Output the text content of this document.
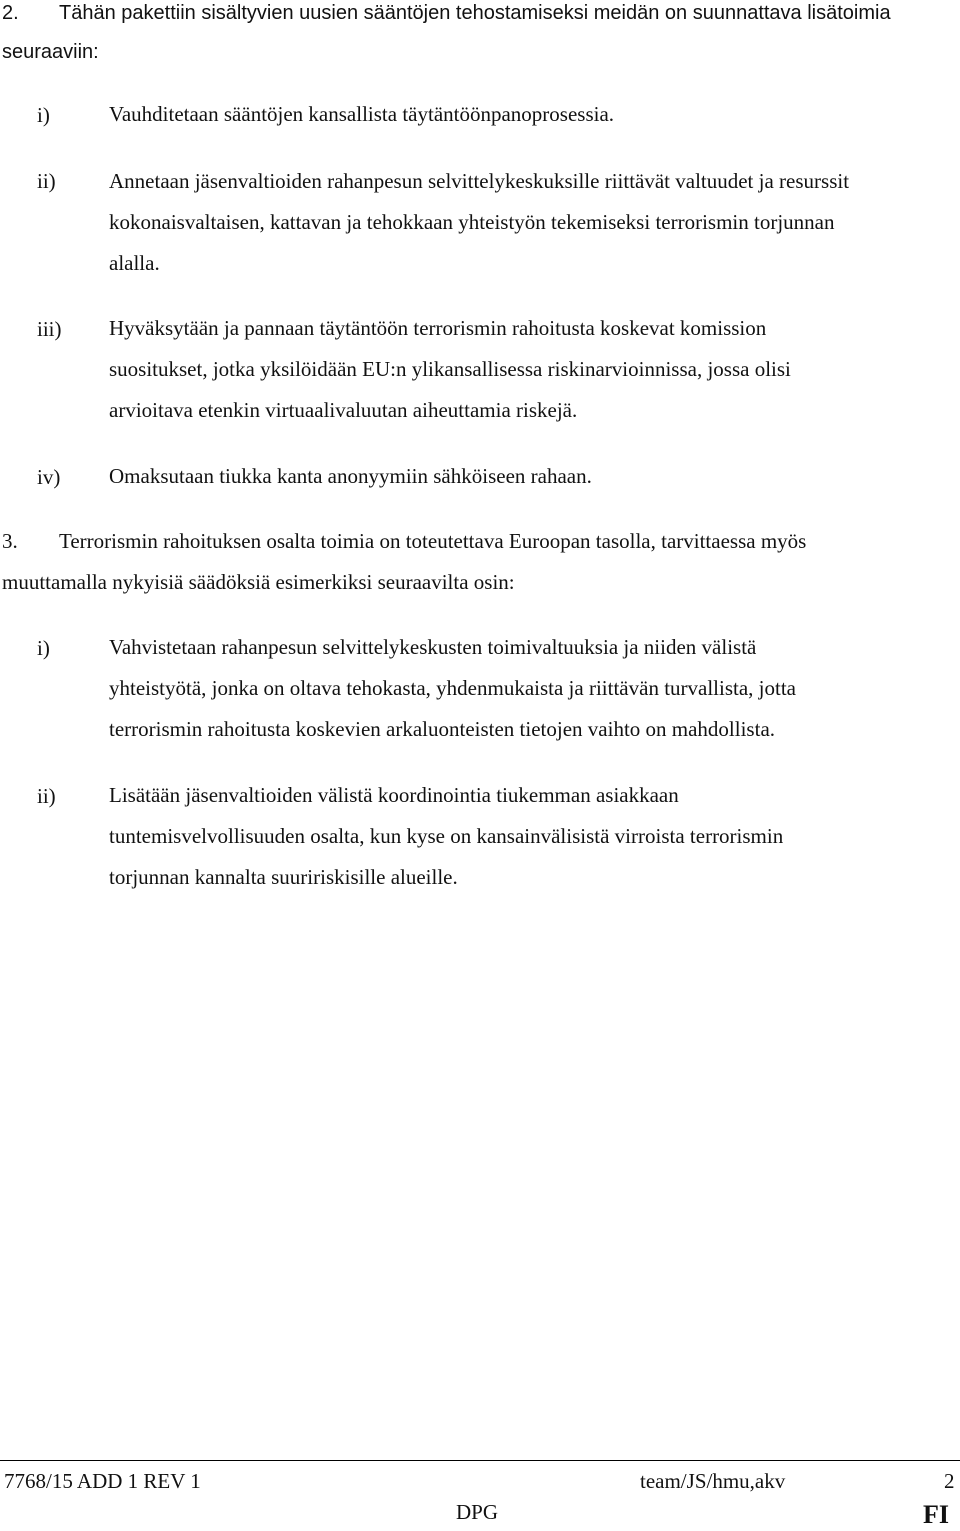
2. Tähän pakettiin sisältyvien uusien sääntöjen tehostamiseksi meidän on suunnattava lisätoimia
seuraaviin:
i)	Vauhditetaan sääntöjen kansallista täytäntöönpanoprosessia.
ii)	Annetaan jäsenvaltioiden rahanpesun selvittelykeskuksille riittävät valtuudet ja resurssit
kokonaisvaltaisen, kattavan ja tehokkaan yhteistyön tekemiseksi terrorismin torjunnan
alalla.
iii) Hyväksytään ja pannaan täytäntöön terrorismin rahoitusta koskevat komission
suositukset, jotka yksilöidään EU:n ylikansallisessa riskinarvioinnissa, jossa olisi
arvioitava etenkin virtuaalivaluutan aiheuttamia riskejä.
iv) Omaksutaan tiukka kanta anonyymiin sähköiseen rahaan.
3. Terrorismin rahoituksen osalta toimia on toteutettava Euroopan tasolla, tarvittaessa myös
muuttamalla nykyisiä säädöksiä esimerkiksi seuraavilta osin:
i)	Vahvistetaan rahanpesun selvittelykeskusten toimivaltuuksia ja niiden välistä
yhteistyötä, jonka on oltava tehokasta, yhdenmukaista ja riittävän turvallista, jotta
terrorismin rahoitusta koskevien arkaluonteisten tietojen vaihto on mahdollista.
ii)	Lisätään jäsenvaltioiden välistä koordinointia tiukemman asiakkaan
tuntemisvelvollisuuden osalta, kun kyse on kansainvälisistä virroista terrorismin
torjunnan kannalta suuririskisille alueille.
7768/15 ADD 1 REV 1	team/JS/hmu,akv	2
DPG	FI
